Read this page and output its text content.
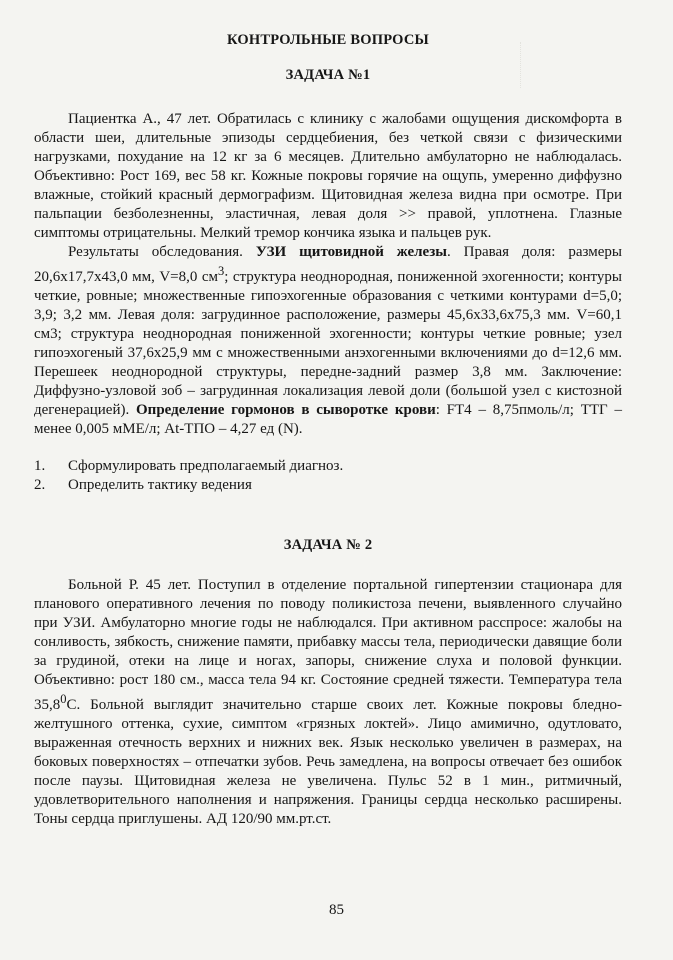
КОНТРОЛЬНЫЕ ВОПРОСЫ
ЗАДАЧА №1

Пациентка А., 47 лет. Обратилась с клинику с жалобами ощущения дискомфорта в области шеи, длительные эпизоды сердцебиения, без четкой связи с физическими нагрузками, похудание на 12 кг за 6 месяцев. Длительно амбулаторно не наблюдалась. Объективно: Рост 169, вес 58 кг. Кожные покровы горячие на ощупь, умеренно диффузно влажные, стойкий красный дермографизм. Щитовидная железа видна при осмотре. При пальпации безболезненны, эластичная, левая доля >> правой, уплотнена. Глазные симптомы отрицательны. Мелкий тремор кончика языка и пальцев рук.

Результаты обследования. УЗИ щитовидной железы. Правая доля: размеры 20,6х17,7х43,0 мм, V=8,0 $см^3$; структура неоднородная, пониженной эхогенности; контуры четкие, ровные; множественные гипоэхогенные образования с четкими контурами d=5,0; 3,9; 3,2 мм. Левая доля: загрудинное расположение, размеры 45,6х33,6х75,3 мм. V=60,1 см3; структура неоднородная пониженной эхогенности; контуры четкие ровные; узел гипоэхогеный 37,6х25,9 мм с множественными анэхогенными включениями до d=12,6 мм. Перешеек неоднородной структуры, передне-задний размер 3,8 мм. Заключение: Диффузно-узловой зоб – загрудинная локализация левой доли (большой узел с кистозной дегенерацией). Определение гормонов в сыворотке крови: FT4 – 8,75пмоль/л; ТТГ – менее 0,005 мМЕ/л; At-ТПО – 4,27 ед (N).

1.	Сформулировать предполагаемый диагноз.
2.	Определить тактику ведения
ЗАДАЧА № 2

Больной Р. 45 лет. Поступил в отделение портальной гипертензии стационара для планового оперативного лечения по поводу поликистоза печени, выявленного случайно при УЗИ. Амбулаторно многие годы не наблюдался. При активном расспросе: жалобы на сонливость, зябкость, снижение памяти, прибавку массы тела, периодически давящие боли за грудиной, отеки на лице и ногах, запоры, снижение слуха и половой функции. Объективно: рост 180 см., масса тела 94 кг. Состояние средней тяжести. Температура тела 35,8$^0$С. Больной выглядит значительно старше своих лет. Кожные покровы бледно-желтушного оттенка, сухие, симптом «грязных локтей». Лицо амимично, одутловато, выраженная отечность верхних и нижних век. Язык несколько увеличен в размерах, на боковых поверхностях – отпечатки зубов. Речь замедлена, на вопросы отвечает без ошибок после паузы. Щитовидная железа не увеличена. Пульс 52 в 1 мин., ритмичный, удовлетворительного наполнения и напряжения. Границы сердца несколько расширены. Тоны сердца приглушены. АД 120/90 мм.рт.ст.

85
